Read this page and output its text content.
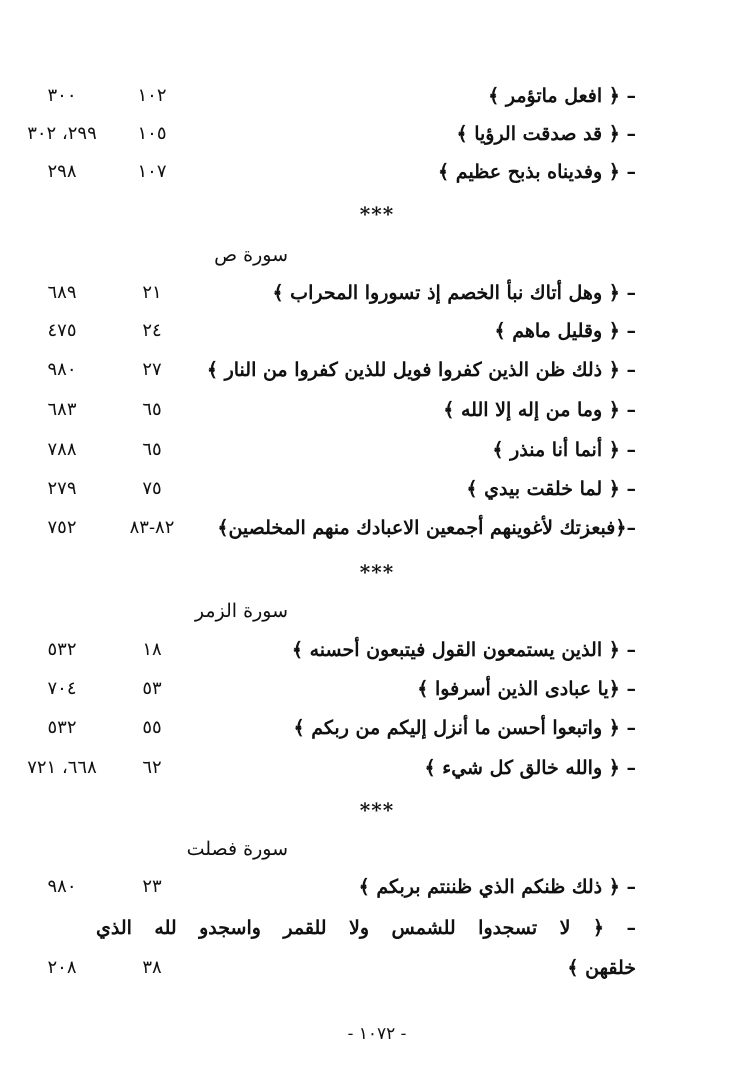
– ﴿ افعل ماتؤمر ﴾
١٠٢
٣٠٠
– ﴿ قد صدقت الرؤيا ﴾
١٠٥
٢٩٩، ٣٠٢
– ﴿ وفديناه بذبح عظيم ﴾
١٠٧
٢٩٨
***
سورة ص
– ﴿ وهل أتاك نبأ الخصم إذ تسوروا المحراب ﴾
٢١
٦٨٩
– ﴿ وقليل ماهم ﴾
٢٤
٤٧٥
– ﴿ ذلك ظن الذين كفروا فويل للذين كفروا من النار ﴾
٢٧
٩٨٠
– ﴿ وما من إله إلا الله ﴾
٦٥
٦٨٣
– ﴿ أنما أنا منذر ﴾
٦٥
٧٨٨
– ﴿ لما خلقت بيدي ﴾
٧٥
٢٧٩
–﴿فبعزتك لأغوينهم أجمعين الاعبادك منهم المخلصين﴾
٨٢-٨٣
٧٥٢
***
سورة الزمر
– ﴿ الذين يستمعون القول فيتبعون أحسنه ﴾
١٨
٥٣٢
– ﴿يا عبادى الذين أسرفوا ﴾
٥٣
٧٠٤
– ﴿ واتبعوا أحسن ما أنزل إليكم من ربكم ﴾
٥٥
٥٣٢
– ﴿ والله خالق كل شيء ﴾
٦٢
٦٦٨، ٧٢١
***
سورة فصلت
– ﴿ ذلك ظنكم الذي ظننتم بربكم ﴾
٢٣
٩٨٠
– ﴿ لا تسجدوا للشمس ولا للقمر واسجدو لله الذي
خلقهن ﴾
٣٨
٢٠٨
- ١٠٧٢ -
